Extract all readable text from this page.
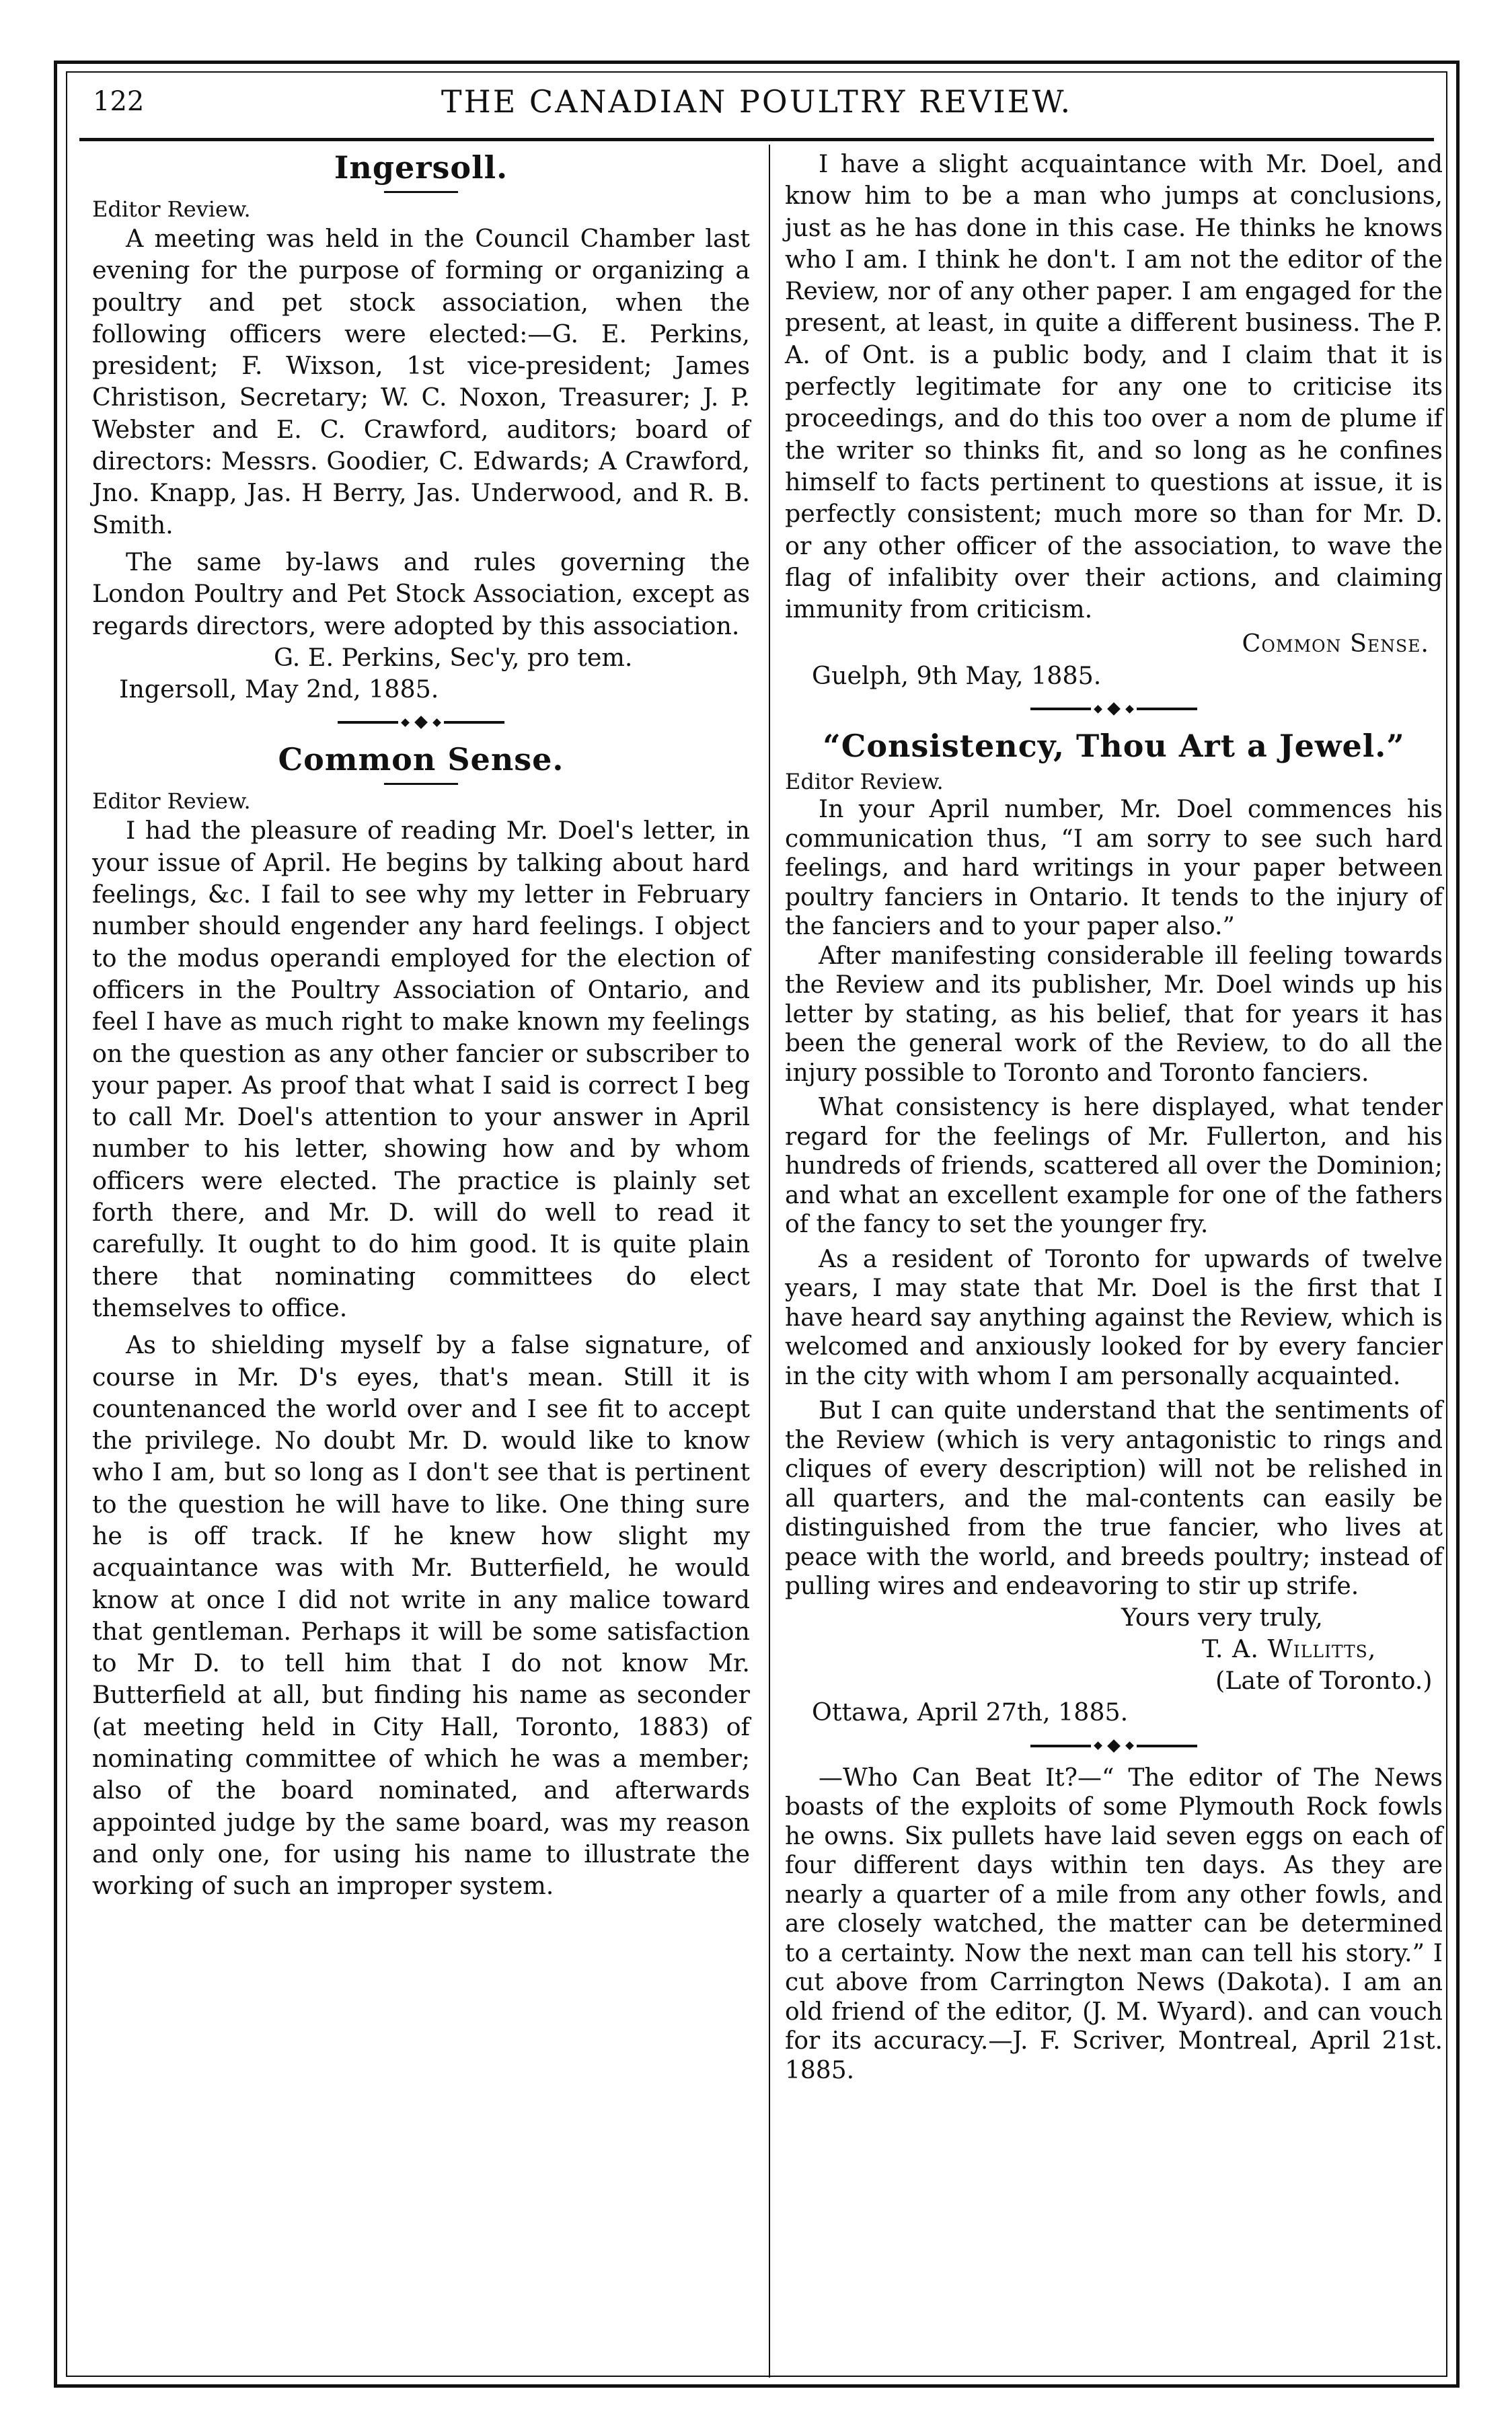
122	THE CANADIAN POULTRY REVIEW.
Ingersoll.
Editor Review.

A meeting was held in the Council Chamber last evening for the purpose of forming or organizing a poultry and pet stock association, when the following officers were elected:—G. E. Perkins, president; F. Wixson, 1st vice-president; James Christison, Secretary; W. C. Noxon, Treasurer; J. P. Webster and E. C. Crawford, auditors; board of directors: Messrs. Goodier, C. Edwards; A Crawford, Jno. Knapp, Jas. H Berry, Jas. Underwood, and R. B. Smith.

The same by-laws and rules governing the London Poultry and Pet Stock Association, except as regards directors, were adopted by this association.

G. E. Perkins, Sec'y, pro tem.

Ingersoll, May 2nd, 1885.

Common Sense.
Editor Review.

I had the pleasure of reading Mr. Doel's letter, in your issue of April. He begins by talking about hard feelings, &c. I fail to see why my letter in February number should engender any hard feelings. I object to the modus operandi employed for the election of officers in the Poultry Association of Ontario, and feel I have as much right to make known my feelings on the question as any other fancier or subscriber to your paper. As proof that what I said is correct I beg to call Mr. Doel's attention to your answer in April number to his letter, showing how and by whom officers were elected. The practice is plainly set forth there, and Mr. D. will do well to read it carefully. It ought to do him good. It is quite plain there that nominating committees do elect themselves to office.

As to shielding myself by a false signature, of course in Mr. D's eyes, that's mean. Still it is countenanced the world over and I see fit to accept the privilege. No doubt Mr. D. would like to know who I am, but so long as I don't see that is pertinent to the question he will have to like. One thing sure he is off track. If he knew how slight my acquaintance was with Mr. Butterfield, he would know at once I did not write in any malice toward that gentleman. Perhaps it will be some satisfaction to Mr D. to tell him that I do not know Mr. Butterfield at all, but finding his name as seconder (at meeting held in City Hall, Toronto, 1883) of nominating committee of which he was a member; also of the board nominated, and afterwards appointed judge by the same board, was my reason and only one, for using his name to illustrate the working of such an improper system.

I have a slight acquaintance with Mr. Doel, and know him to be a man who jumps at conclusions, just as he has done in this case. He thinks he knows who I am. I think he don't. I am not the editor of the Review, nor of any other paper. I am engaged for the present, at least, in quite a different business. The P. A. of Ont. is a public body, and I claim that it is perfectly legitimate for any one to criticise its proceedings, and do this too over a nom de plume if the writer so thinks fit, and so long as he confines himself to facts pertinent to questions at issue, it is perfectly consistent; much more so than for Mr. D. or any other officer of the association, to wave the flag of infalibity over their actions, and claiming immunity from criticism.

Common Sense.

Guelph, 9th May, 1885.

“Consistency, Thou Art a Jewel.”
Editor Review.

In your April number, Mr. Doel commences his communication thus, “I am sorry to see such hard feelings, and hard writings in your paper between poultry fanciers in Ontario. It tends to the injury of the fanciers and to your paper also.”

After manifesting considerable ill feeling towards the Review and its publisher, Mr. Doel winds up his letter by stating, as his belief, that for years it has been the general work of the Review, to do all the injury possible to Toronto and Toronto fanciers.

What consistency is here displayed, what tender regard for the feelings of Mr. Fullerton, and his hundreds of friends, scattered all over the Dominion; and what an excellent example for one of the fathers of the fancy to set the younger fry.

As a resident of Toronto for upwards of twelve years, I may state that Mr. Doel is the first that I have heard say anything against the Review, which is welcomed and anxiously looked for by every fancier in the city with whom I am personally acquainted.

But I can quite understand that the sentiments of the Review (which is very antagonistic to rings and cliques of every description) will not be relished in all quarters, and the mal-contents can easily be distinguished from the true fancier, who lives at peace with the world, and breeds poultry; instead of pulling wires and endeavoring to stir up strife.

Yours very truly,

T. A. Willitts,

(Late of Toronto.)

Ottawa, April 27th, 1885.

—Who Can Beat It?—“ The editor of The News boasts of the exploits of some Plymouth Rock fowls he owns. Six pullets have laid seven eggs on each of four different days within ten days. As they are nearly a quarter of a mile from any other fowls, and are closely watched, the matter can be determined to a certainty. Now the next man can tell his story.” I cut above from Carrington News (Dakota). I am an old friend of the editor, (J. M. Wyard). and can vouch for its accuracy.—J. F. Scriver, Montreal, April 21st. 1885.
